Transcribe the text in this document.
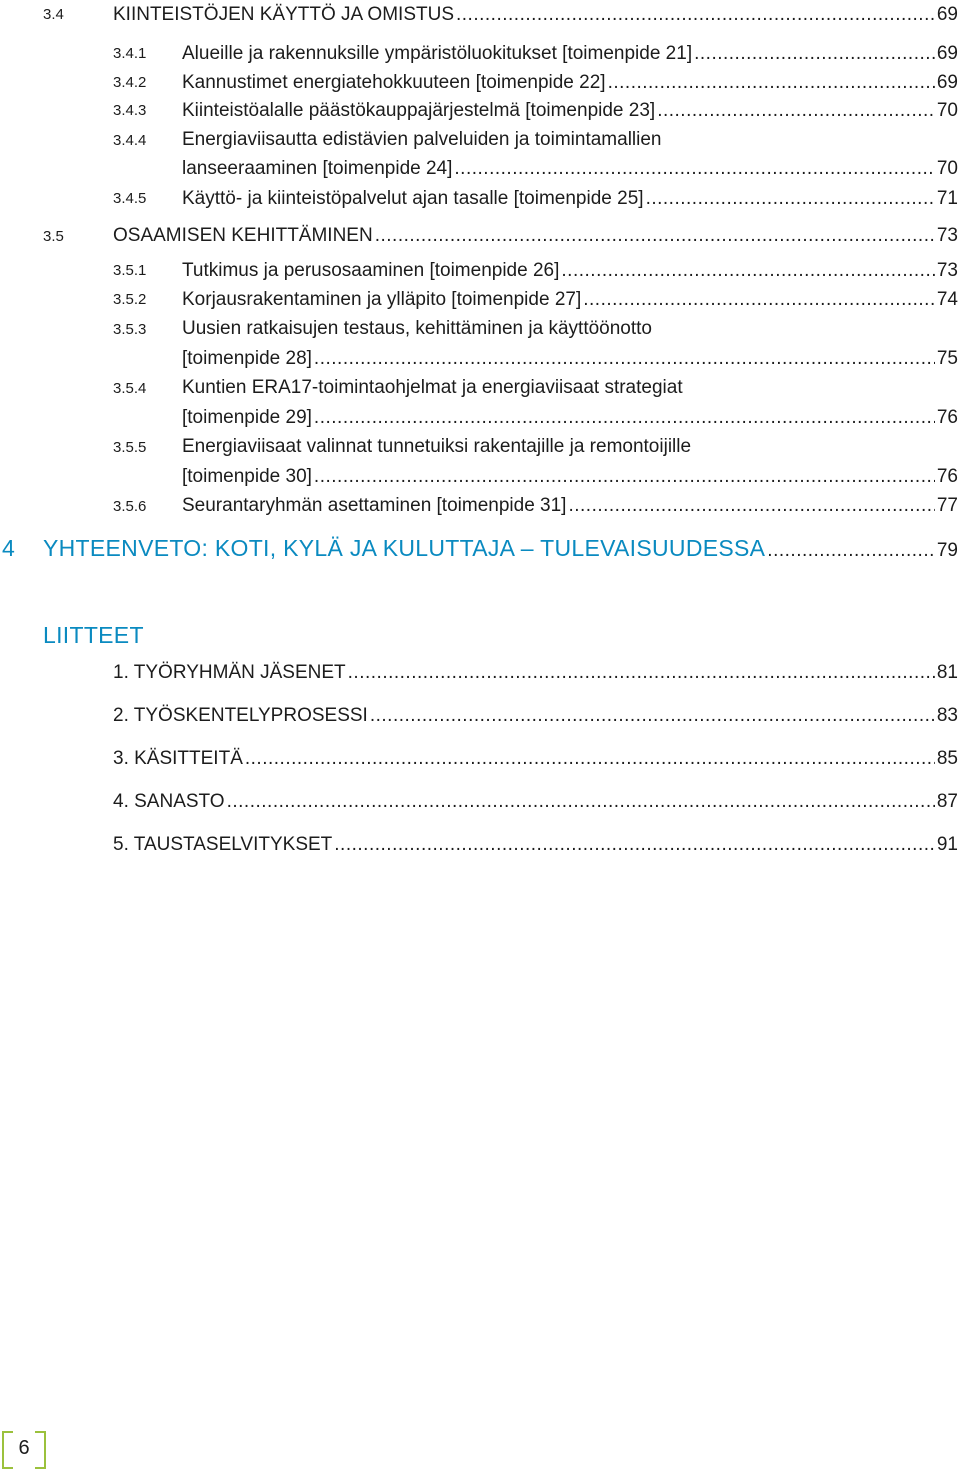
3.4	KIINTEISTÖJEN KÄYTTÖ JA OMISTUS .....	69
3.4.1 Alueille ja rakennuksille ympäristöluokitukset [toimenpide 21] .....	69
3.4.2 Kannustimet energiatehokkuuteen [toimenpide 22] .....	69
3.4.3 Kiinteistöalalle päästökauppajärjestelmä [toimenpide 23] .....	70
3.4.4 Energiaviisautta edistävien palveluiden ja toimintamallien
lanseeraaminen [toimenpide 24] .....	70
3.4.5 Käyttö- ja kiinteistöpalvelut ajan tasalle [toimenpide 25] .....	71
3.5	OSAAMISEN KEHITTÄMINEN .....	73
3.5.1 Tutkimus ja perusosaaminen [toimenpide 26] .....	73
3.5.2 Korjausrakentaminen ja ylläpito [toimenpide 27] .....	74
3.5.3 Uusien ratkaisujen testaus, kehittäminen ja käyttöönotto
[toimenpide 28] .....	75
3.5.4 Kuntien ERA17-toimintaohjelmat ja energiaviisaat strategiat
[toimenpide 29] .....	76
3.5.5 Energiaviisaat valinnat tunnetuiksi rakentajille ja remontoijille
[toimenpide 30] .....	76
3.5.6 Seurantaryhmän asettaminen [toimenpide 31] .....	77
4 YHTEENVETO: KOTI, KYLÄ JA KULUTTAJA – TULEVAISUUDESSA .....	79
LIITTEET
1. TYÖRYHMÄN JÄSENET .....	81
2. TYÖSKENTELYPROSESSI .....	83
3. KÄSITTEITÄ .....	85
4. SANASTO .....	87
5. TAUSTASELVITYKSET .....	91
6
